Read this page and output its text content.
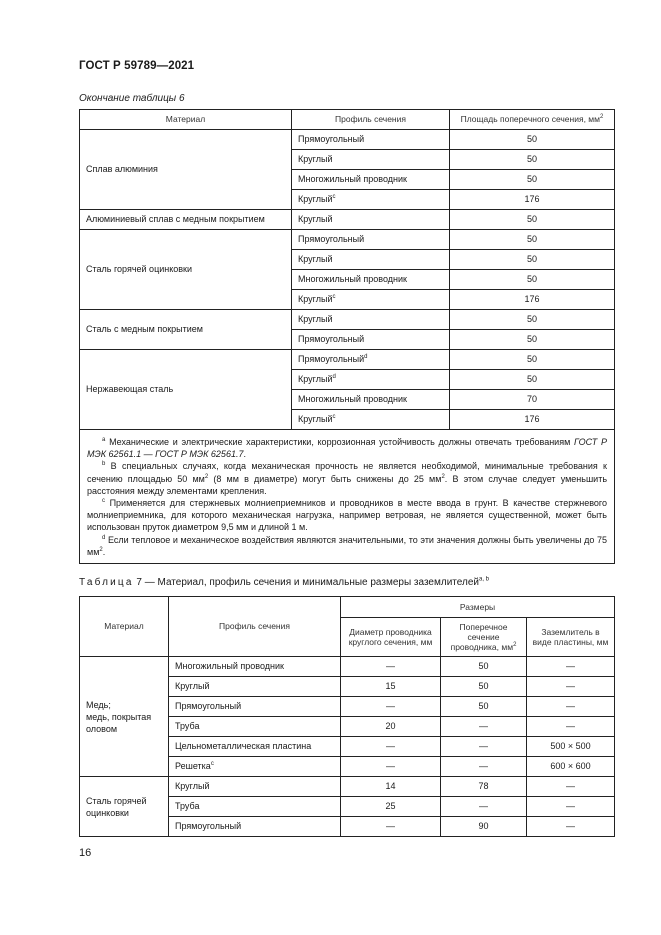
ГОСТ Р 59789—2021
Окончание таблицы 6
Материал	Профиль сечения	Площадь поперечного сечения, $мм^2$
Сплав алюминия	Прямоугольный	50
	Круглый	50
	Многожильный проводник	50
	Круглый$^c$	176
Алюминиевый сплав с медным покрытием	Круглый	50
Сталь горячей оцинковки	Прямоугольный	50
	Круглый	50
	Многожильный проводник	50
	Круглый$^c$	176
Сталь с медным покрытием	Круглый	50
	Прямоугольный	50
Нержавеющая сталь	Прямоугольный$^d$	50
	Круглый$^d$	50
	Многожильный проводник	70
	Круглый$^c$	176

$^a$ Механические и электрические характеристики, коррозионная устойчивость должны отвечать требованиям ГОСТ Р МЭК 62561.1 — ГОСТ Р МЭК 62561.7.
$^b$ В специальных случаях, когда механическая прочность не является необходимой, минимальные требования к сечению площадью 50 $мм^2$ (8 мм в диаметре) могут быть снижены до 25 $мм^2$. В этом случае следует уменьшить расстояния между элементами крепления.
$^c$ Применяется для стержневых молниеприемников и проводников в месте ввода в грунт. В качестве стержневого молниеприемника, для которого механическая нагрузка, например ветровая, не является существенной, может быть использован пруток диаметром 9,5 мм и длиной 1 м.
$^d$ Если тепловое и механическое воздействия являются значительными, то эти значения должны быть увеличены до 75 $мм^2$.		
Таблица 7 — Материал, профиль сечения и минимальные размеры заземлителей$^{a, b}$
Материал	Профиль сечения	Размеры		
		Диаметр проводника круглого сечения, мм	Поперечное сечение проводника, $мм^2$	Заземлитель в виде пластины, мм

Медь;
медь, покрытая
оловом	Многожильный проводник	—	50	—
	Круглый	15	50	—
	Прямоугольный	—	50	—
	Труба	20	—	—
	Цельнометаллическая пластина	—	—	500 × 500
	Решетка$^c$	—	—	600 × 600

Сталь горячей
оцинковки	Круглый	14	78	—
	Труба	25	—	—
	Прямоугольный	—	90	—
16
